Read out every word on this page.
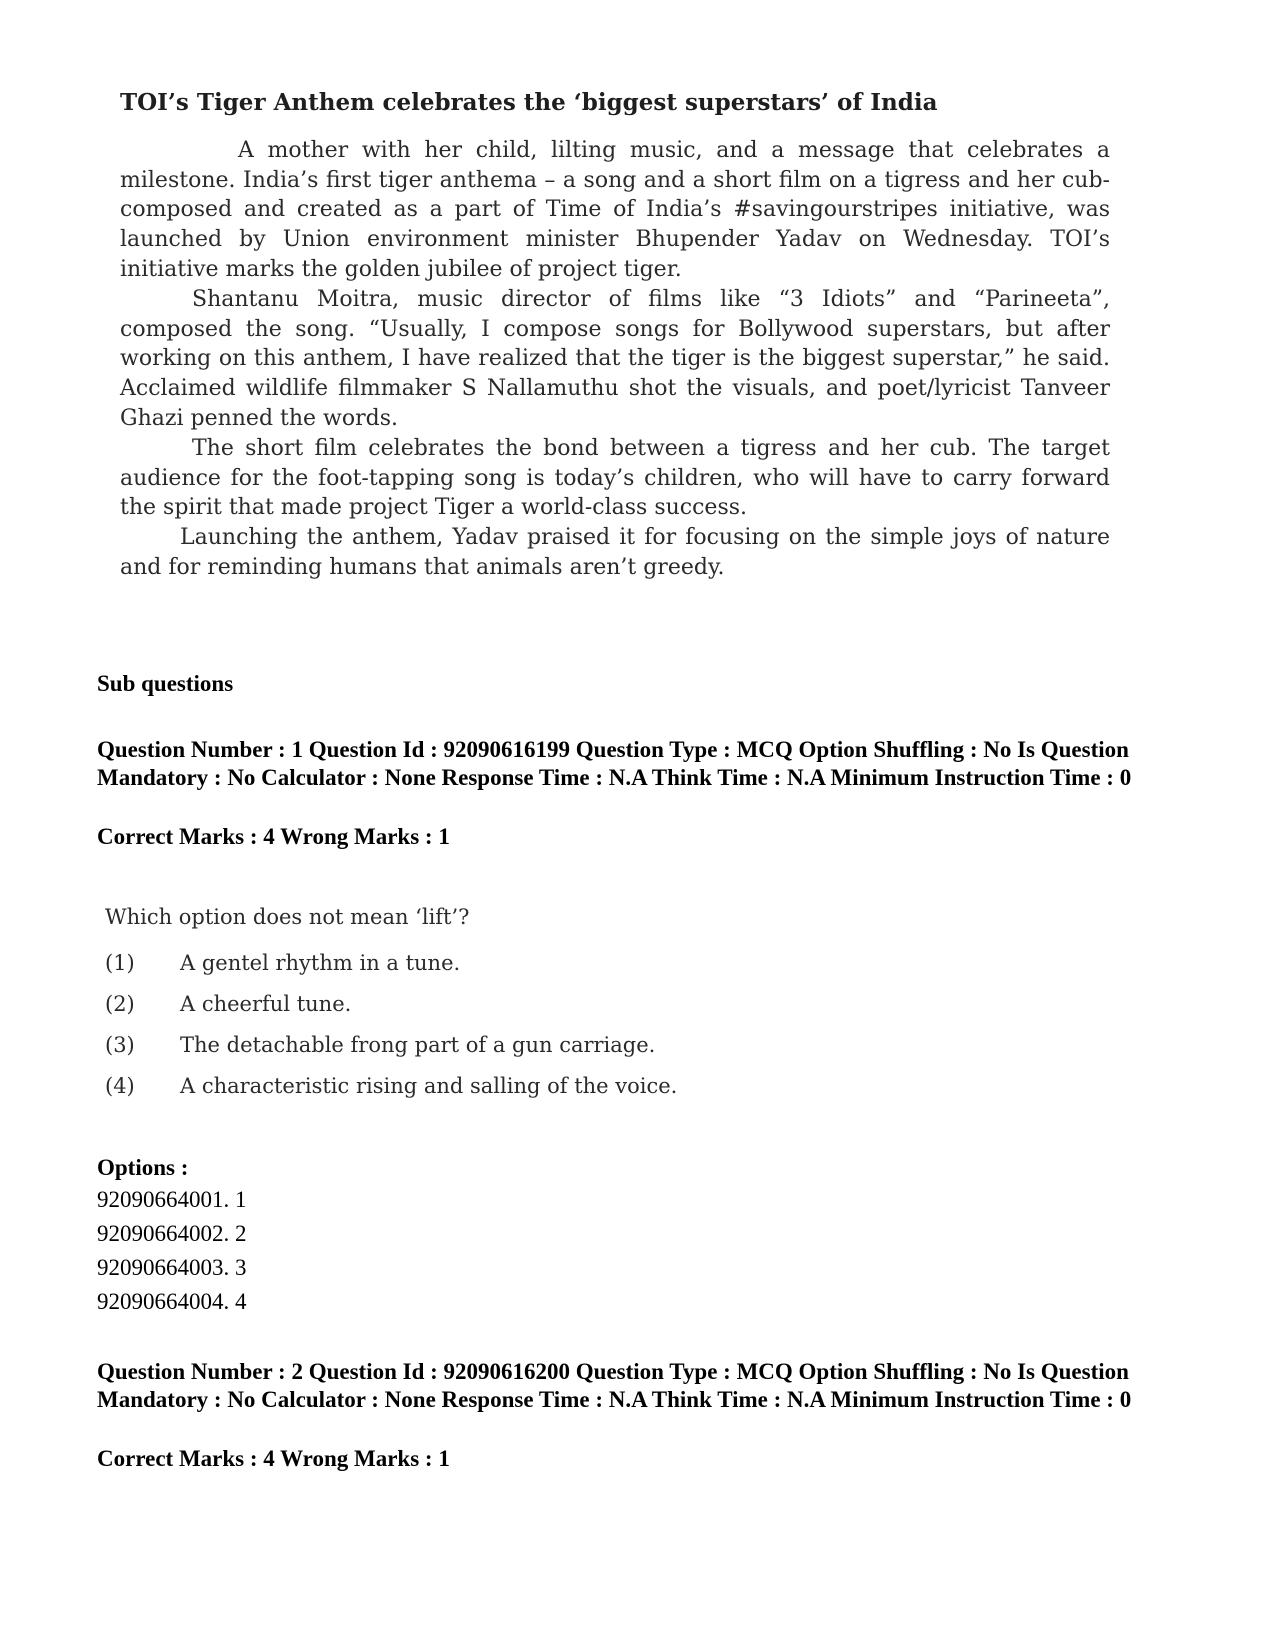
TOI’s Tiger Anthem celebrates the ‘biggest superstars’ of India

A mother with her child, lilting music, and a message that celebrates a milestone. India’s first tiger anthema – a song and a short film on a tigress and her cub-composed and created as a part of Time of India’s #savingourstripes initiative, was launched by Union environment minister Bhupender Yadav on Wednesday. TOI’s initiative marks the golden jubilee of project tiger.

Shantanu Moitra, music director of films like “3 Idiots” and “Parineeta”, composed the song. “Usually, I compose songs for Bollywood superstars, but after working on this anthem, I have realized that the tiger is the biggest superstar,” he said. Acclaimed wildlife filmmaker S Nallamuthu shot the visuals, and poet/lyricist Tanveer Ghazi penned the words.

The short film celebrates the bond between a tigress and her cub. The target audience for the foot-tapping song is today’s children, who will have to carry forward the spirit that made project Tiger a world-class success.

Launching the anthem, Yadav praised it for focusing on the simple joys of nature and for reminding humans that animals aren’t greedy.

Sub questions
Question Number : 1 Question Id : 92090616199 Question Type : MCQ Option Shuffling : No Is Question Mandatory : No Calculator : None Response Time : N.A Think Time : N.A Minimum Instruction Time : 0
Correct Marks : 4 Wrong Marks : 1

Which option does not mean ‘lift’?

(1)	A gentel rhythm in a tune.
(2)	A cheerful tune.
(3)	The detachable frong part of a gun carriage.
(4)	A characteristic rising and salling of the voice.
Options :
92090664001. 1
92090664002. 2
92090664003. 3
92090664004. 4
Question Number : 2 Question Id : 92090616200 Question Type : MCQ Option Shuffling : No Is Question Mandatory : No Calculator : None Response Time : N.A Think Time : N.A Minimum Instruction Time : 0
Correct Marks : 4 Wrong Marks : 1
